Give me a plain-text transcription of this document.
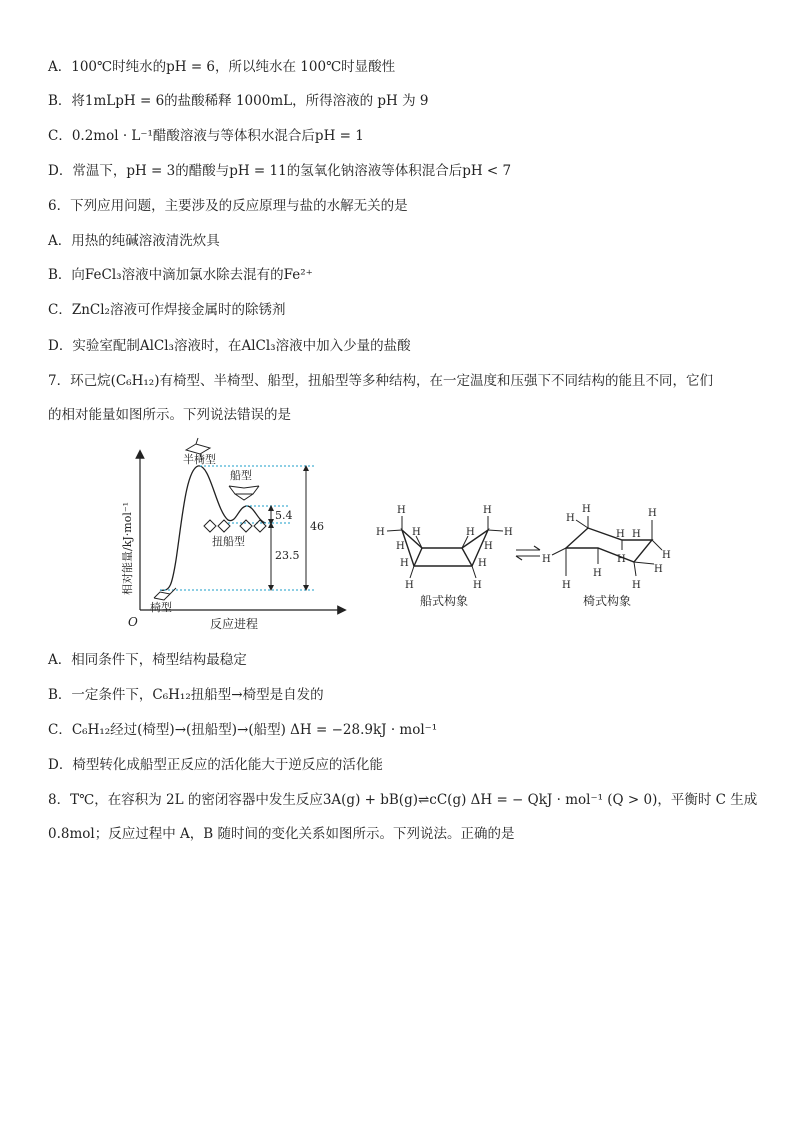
A．100℃时纯水的pH = 6，所以纯水在 100℃时显酸性
B．将1mLpH = 6的盐酸稀释 1000mL，所得溶液的 pH 为 9
C．0.2mol · L⁻¹醋酸溶液与等体积水混合后pH = 1
D．常温下，pH = 3的醋酸与pH = 11的氢氧化钠溶液等体积混合后pH < 7
6．下列应用问题，主要涉及的反应原理与盐的水解无关的是
A．用热的纯碱溶液清洗炊具
B．向FeCl₃溶液中滴加氯水除去混有的Fe²⁺
C．ZnCl₂溶液可作焊接金属时的除锈剂
D．实验室配制AlCl₃溶液时，在AlCl₃溶液中加入少量的盐酸
7．环己烷(C₆H₁₂)有椅型、半椅型、船型，扭船型等多种结构，在一定温度和压强下不同结构的能且不同，它们
的相对能量如图所示。下列说法错误的是
A．相同条件下，椅型结构最稳定
B．一定条件下，C₆H₁₂扭船型→椅型是自发的
C．C₆H₁₂经过(椅型)→(扭船型)→(船型) ΔH = −28.9kJ · mol⁻¹
D．椅型转化成船型正反应的活化能大于逆反应的活化能
8．T℃，在容积为 2L 的密闭容器中发生反应3A(g) + bB(g)⇌cC(g) ΔH = − QkJ · mol⁻¹ (Q > 0)，平衡时 C 生成
0.8mol；反应过程中 A，B 随时间的变化关系如图所示。下列说法。正确的是
O
相对能量/kJ·mol⁻¹
反应进程
5.4
23.5
46
半椅型
船型
扭船型
椅型
H
H
H
H
H
H	H
H
H	H
H	H
船式构象
H
H	H
H
H
H
H
H
H
H
H H
椅式构象
